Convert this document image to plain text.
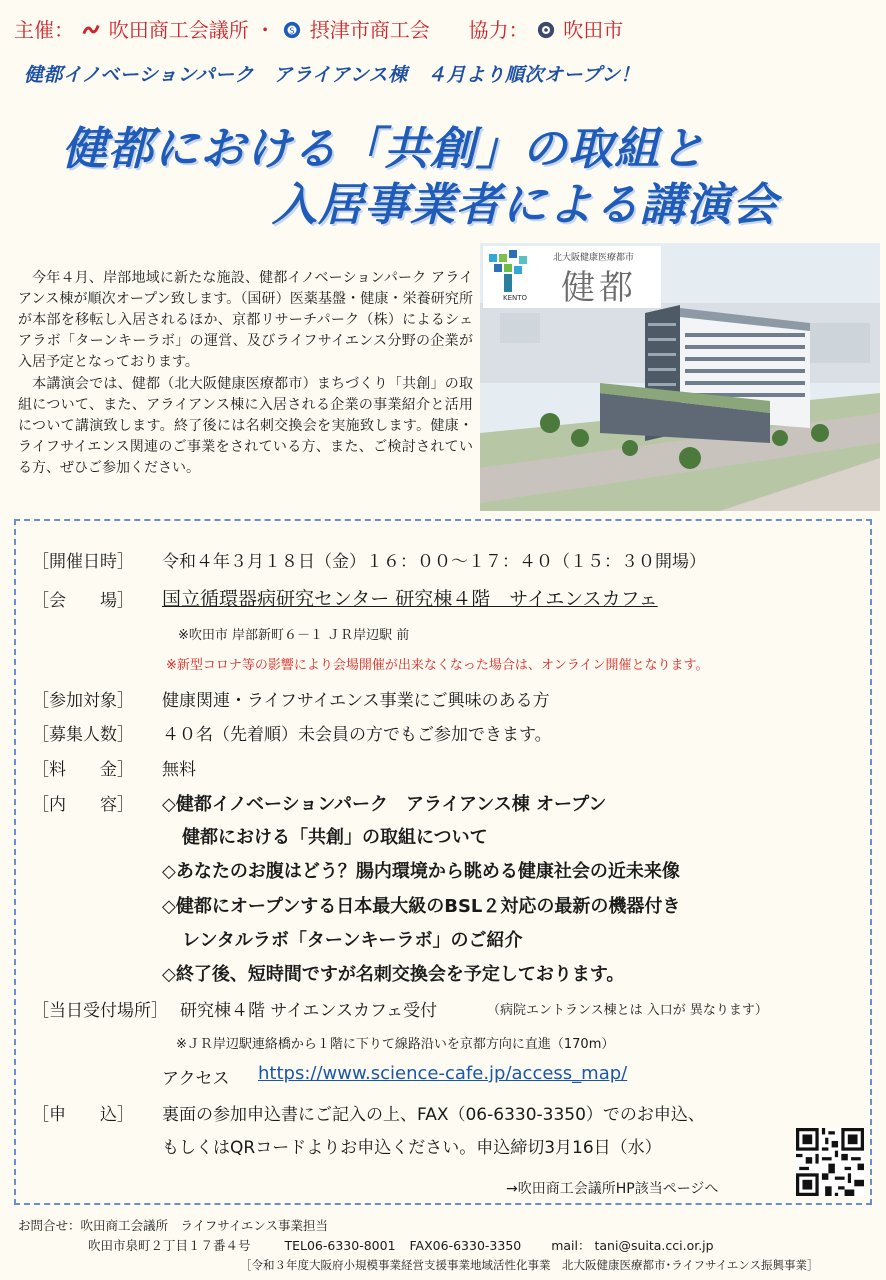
主催： 吹田商工会議所 ・ S 摂津市商工会 協力： 吹田市
健都イノベーションパーク　アライアンス棟　４月より順次オープン！
健都における「共創」の取組と
入居事業者による講演会
　今年４月、岸部地域に新たな施設、健都イノベーションパーク アライアンス棟が順次オープン致します。（国研）医薬基盤・健康・栄養研究所が本部を移転し入居されるほか、京都リサーチパーク（株）によるシェアラボ「ターンキーラボ」の運営、及びライフサイエンス分野の企業が入居予定となっております。
　本講演会では、健都（北大阪健康医療都市）まちづくり「共創」の取組について、また、アライアンス棟に入居される企業の事業紹介と活用について講演致します。終了後には名刺交換会を実施致します。健康・ライフサイエンス関連のご事業をされている方、また、ご検討されている方、ぜひご参加ください。
北大阪健康医療都市
健都
KENTO
［開催日時］ 令和４年３月１８日（金）１６：００～１７：４０（１５：３０開場）
［会　　場］ 国立循環器病研究センター 研究棟４階　サイエンスカフェ
※吹田市 岸部新町６－１ ＪＲ岸辺駅 前
※新型コロナ等の影響により会場開催が出来なくなった場合は、オンライン開催となります。
［参加対象］ 健康関連・ライフサイエンス事業にご興味のある方
［募集人数］ ４０名（先着順）未会員の方でもご参加できます。
［料　　金］ 無料
［内　　容］ ◇健都イノベーションパーク　アライアンス棟 オープン
健都における「共創」の取組について
◇あなたのお腹はどう？腸内環境から眺める健康社会の近未来像
◇健都にオープンする日本最大級のBSL２対応の最新の機器付き
レンタルラボ「ターンキーラボ」のご紹介
◇終了後、短時間ですが名刺交換会を予定しております。
［当日受付場所］ 研究棟４階 サイエンスカフェ受付	（病院エントランス棟とは 入口が 異なります）
※ＪＲ岸辺駅連絡橋から１階に下りて線路沿いを京都方向に直進（170m）
アクセス https://www.science-cafe.jp/access_map/
［申　　込］ 裏面の参加申込書にご記入の上、FAX（06-6330-3350）でのお申込、
もしくはQRコードよりお申込ください。申込締切3月16日（水）
→吹田商工会議所HP該当ページへ
お問合せ：吹田商工会議所　ライフサイエンス事業担当
吹田市泉町２丁目１７番４号	TEL06-6330-8001 FAX06-6330-3350 mail： tani@suita.cci.or.jp
［令和３年度大阪府小規模事業経営支援事業地域活性化事業　北大阪健康医療都市･ライフサイエンス振興事業］
